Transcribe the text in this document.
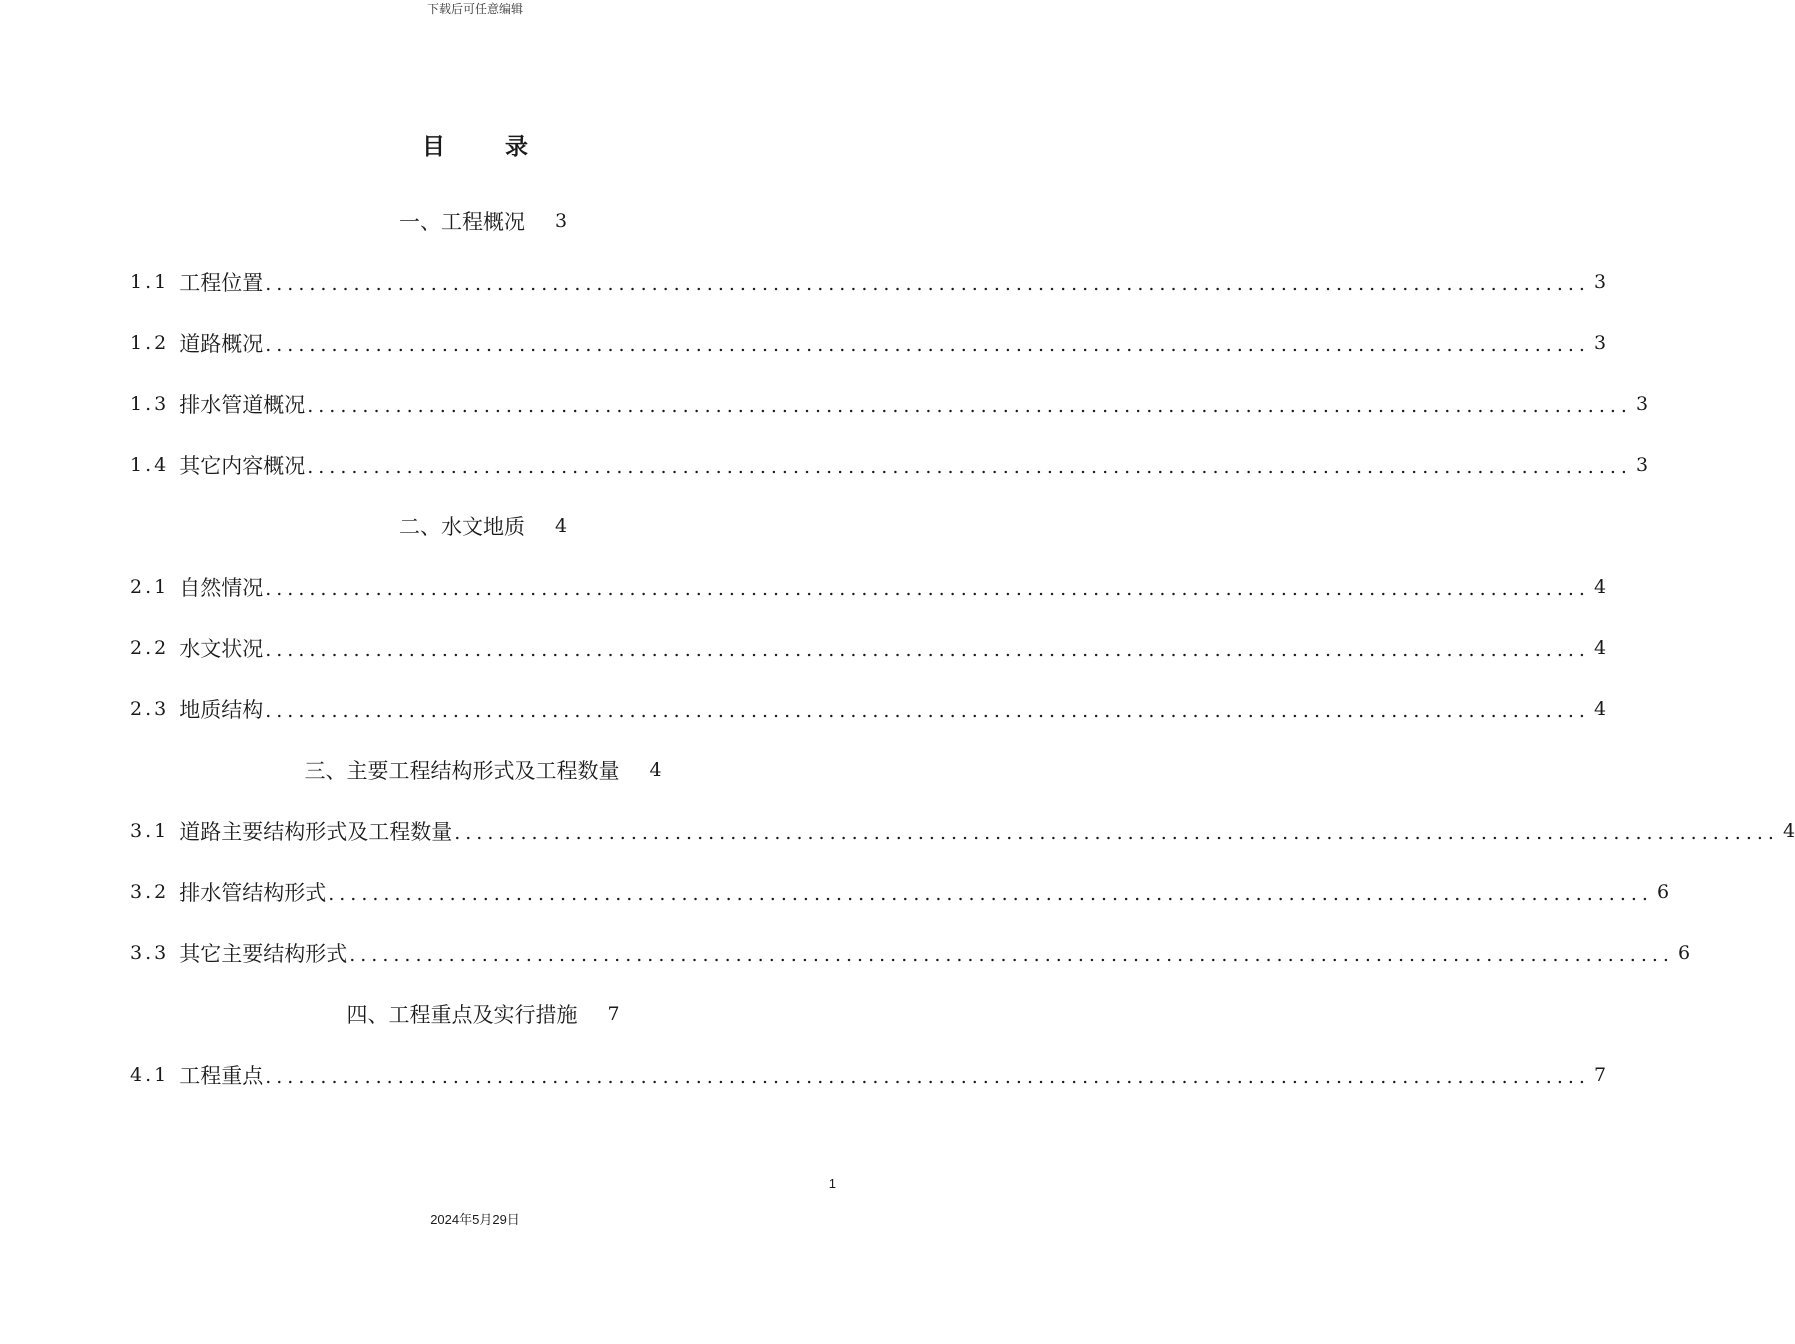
下载后可任意编辑
目 录
一、工程概况 3
1.1 工程位置 ........................................................................................................................ 3
1.2 道路概况 ........................................................................................................................ 3
1.3 排水管道概况 ........................................................................................................................ 3
1.4 其它内容概况 ........................................................................................................................ 3
二、水文地质 4
2.1 自然情况 ........................................................................................................................ 4
2.2 水文状况 ........................................................................................................................ 4
2.3 地质结构 ........................................................................................................................ 4
三、主要工程结构形式及工程数量 4
3.1 道路主要结构形式及工程数量 ........................................................................................................................ 4
3.2 排水管结构形式 ........................................................................................................................ 6
3.3 其它主要结构形式 ........................................................................................................................ 6
四、工程重点及实行措施 7
4.1 工程重点 ........................................................................................................................ 7
1
2024年5月29日
